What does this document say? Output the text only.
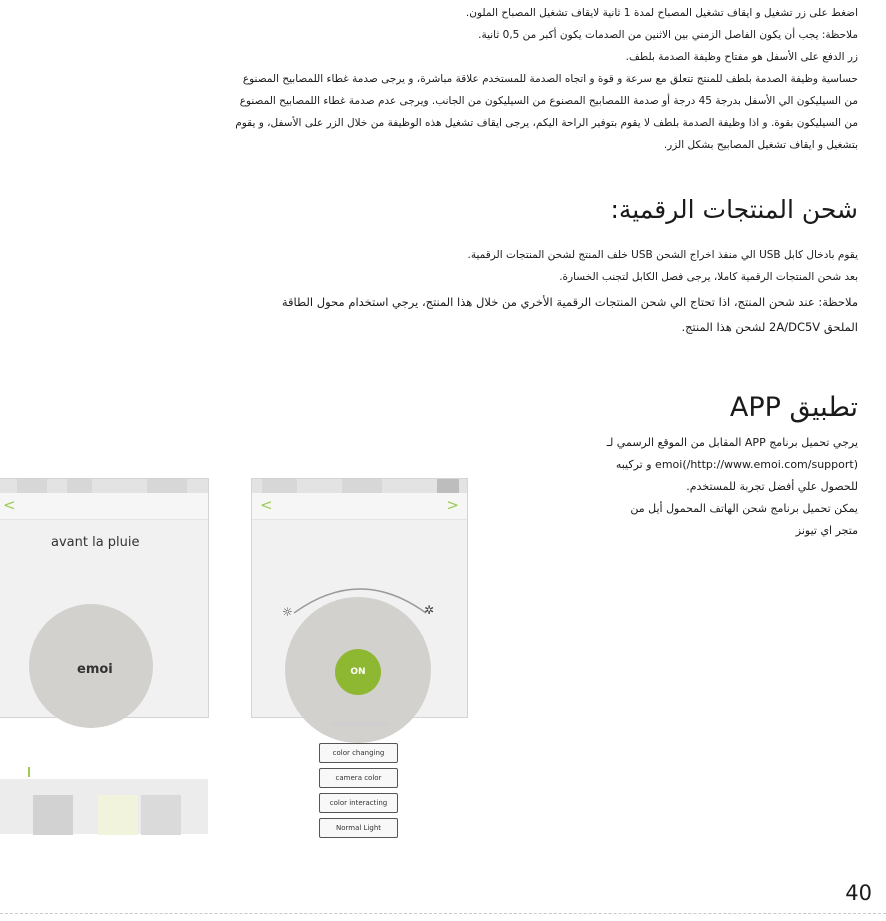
اضغط على زر تشغيل و ايقاف تشغيل المصباح لمدة 1 ثانية لايقاف تشغيل المصباح الملون.
ملاحظة: يجب أن يكون الفاصل الزمني بين الاثنين من الصدمات يكون أكبر من 0,5 ثانية.
زر الدفع على الأسفل هو مفتاح وظيفة الصدمة بلطف.
حساسية وظيفة الصدمة بلطف للمنتج تتعلق مع سرعة و قوة و اتجاه الصدمة للمستخدم علاقة مباشرة، و يرجى صدمة غطاء اللمصابيح المصنوع
من السيليكون الي الأسفل بدرجة 45 درجة أو صدمة اللمصابيح المصنوع من السيليكون من الجانب. ويرجى عدم صدمة غطاء اللمصابيح المصنوع
من السيليكون بقوة. و اذا وظيفة الصدمة بلطف لا يقوم بتوفير الراحة اليكم، يرجى ايقاف تشغيل هذه الوظيفة من خلال الزر على الأسفل، و يقوم
بتشغيل و ايقاف تشغيل المصابيح بشكل الزر.
شحن المنتجات الرقمية:
يقوم بادخال كابل USB الي منفذ اخراج الشحن USB خلف المنتج لشحن المنتجات الرقمية.
بعد شحن المنتجات الرقمية كاملا، يرجى فصل الكابل لتجنب الخسارة.
ملاحظة: عند شحن المنتج، اذا تحتاج الي شحن المنتجات الرقمية الأخري من خلال هذا المنتج، يرجي استخدام محول الطاقة
الملحق 2A/DC5V لشحن هذا المنتج.
تطبيق APP
يرجي تحميل برنامج APP المقابل من الموقع الرسمي لـ
(http://www.emoi.com/support/)emoi و تركيبه
للحصول علي أفضل تجربة للمستخدم.
يمكن تحميل برنامج شحن الهاتف المحمول أيل من
متجر اي تيونز
<
avant la pluie
emoi
<	>
☼	✲
ON
color changing
camera color
color interacting
Normal Light
40
